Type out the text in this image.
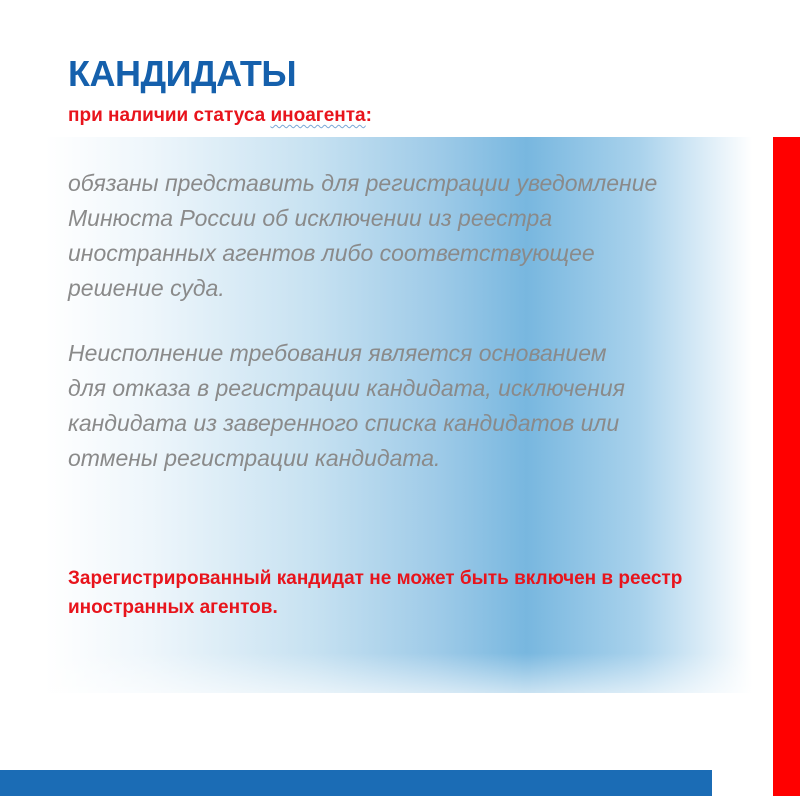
КАНДИДАТЫ

при наличии статуса иноагента:

обязаны представить для регистрации уведомление
Минюста России об исключении из реестра
иностранных агентов либо соответствующее
решение суда.
Неисполнение требования является основанием
для отказа в регистрации кандидата, исключения
кандидата из заверенного списка кандидатов или
отмены регистрации кандидата.
Зарегистрированный кандидат не может быть включен в реестр
иностранных агентов.
